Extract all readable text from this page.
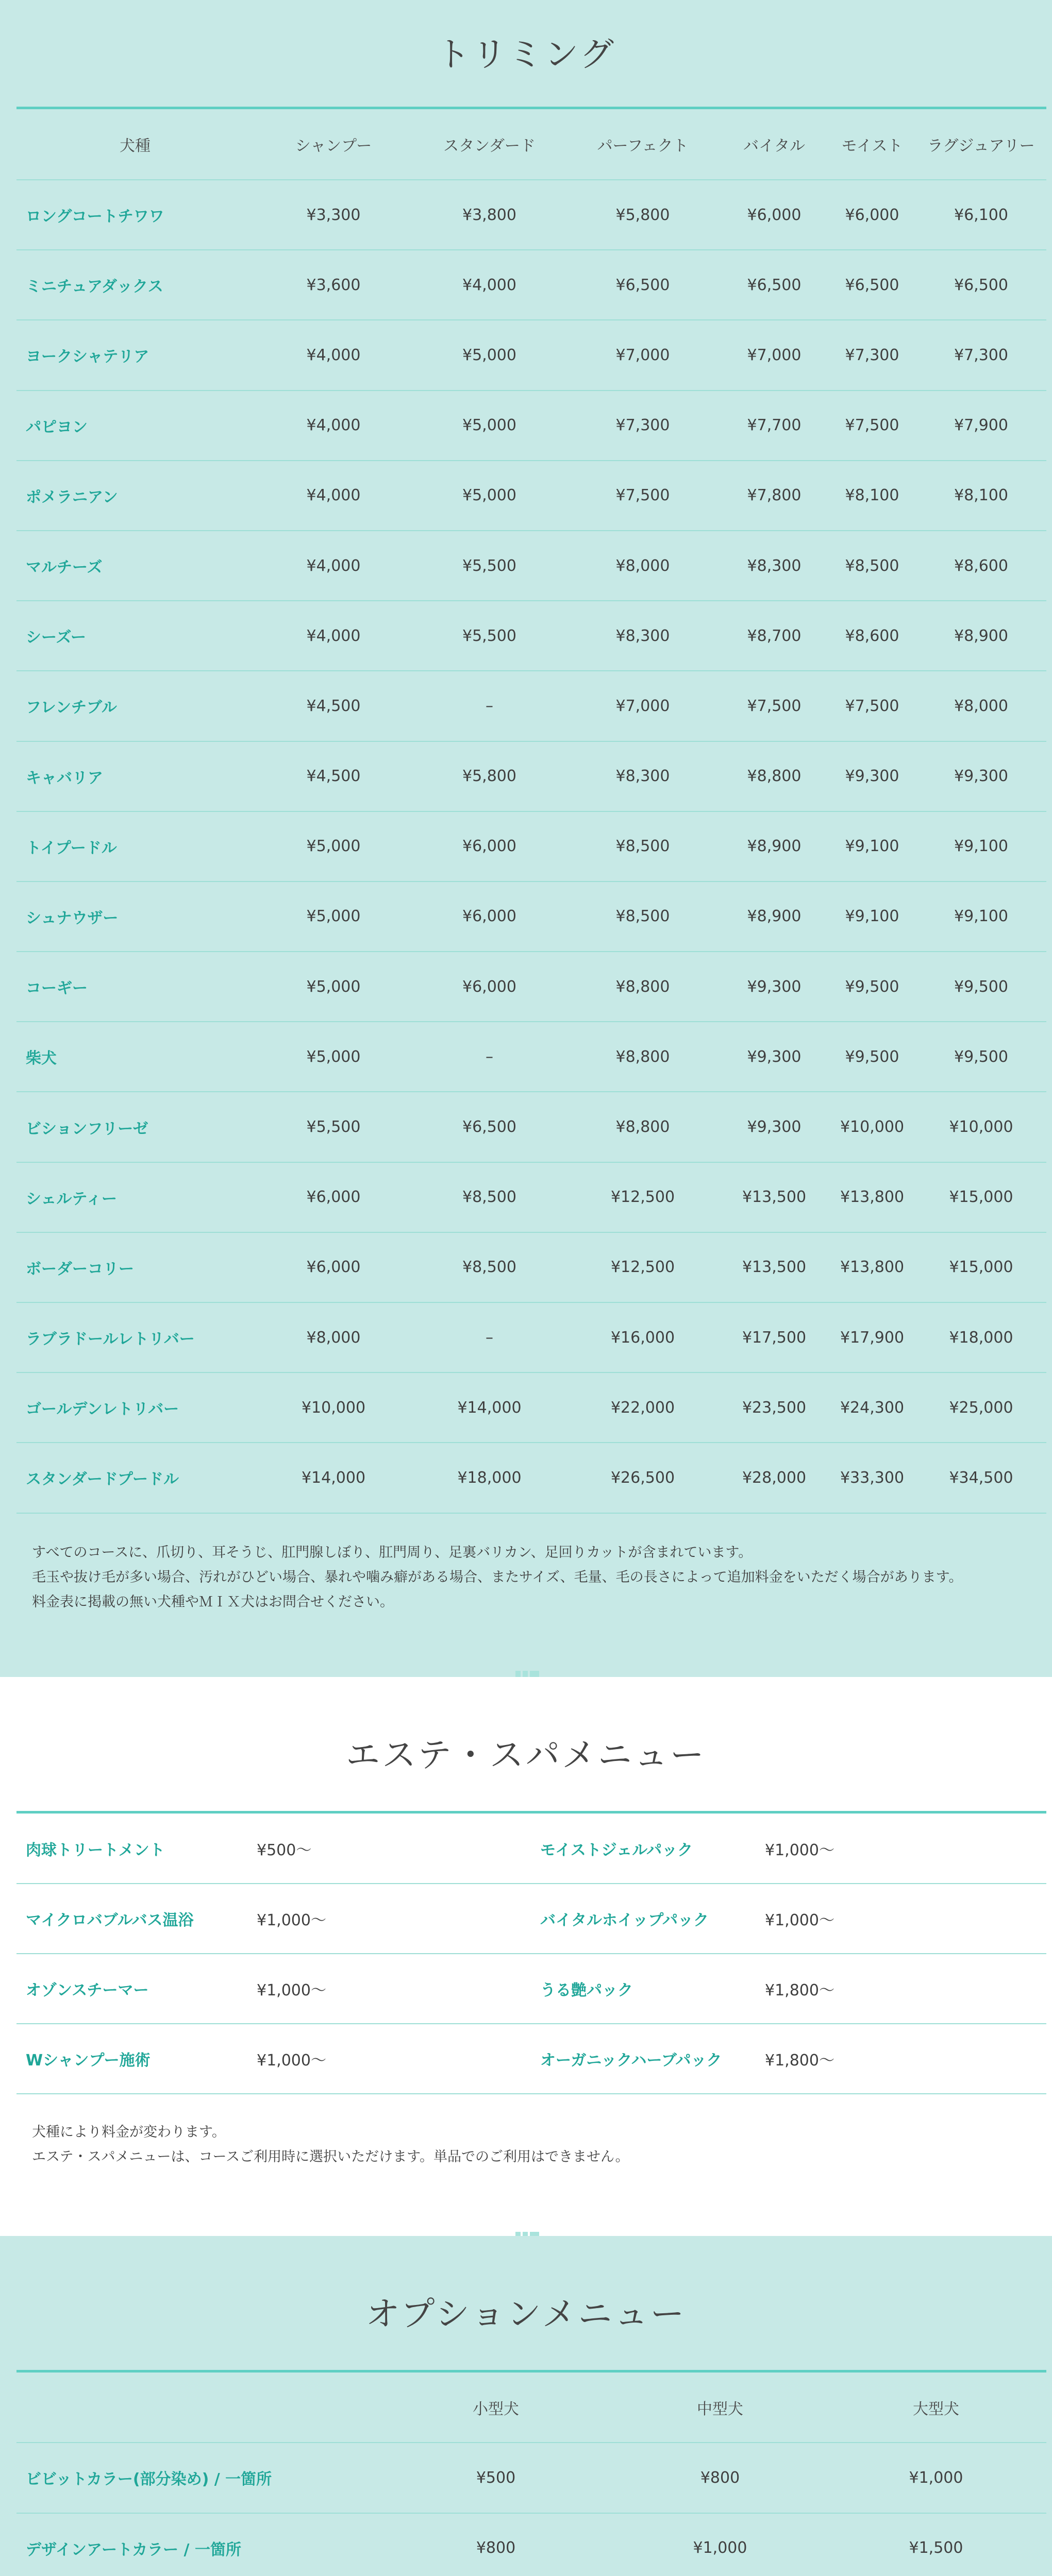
トリミング
犬種	シャンプー	スタンダード	パーフェクト	バイタル	モイスト	ラグジュアリー
ロングコートチワワ	¥3,300	¥3,800	¥5,800	¥6,000	¥6,000	¥6,100
ミニチュアダックス	¥3,600	¥4,000	¥6,500	¥6,500	¥6,500	¥6,500
ヨークシャテリア	¥4,000	¥5,000	¥7,000	¥7,000	¥7,300	¥7,300
パピヨン	¥4,000	¥5,000	¥7,300	¥7,700	¥7,500	¥7,900
ポメラニアン	¥4,000	¥5,000	¥7,500	¥7,800	¥8,100	¥8,100
マルチーズ	¥4,000	¥5,500	¥8,000	¥8,300	¥8,500	¥8,600
シーズー	¥4,000	¥5,500	¥8,300	¥8,700	¥8,600	¥8,900
フレンチブル	¥4,500	–	¥7,000	¥7,500	¥7,500	¥8,000
キャバリア	¥4,500	¥5,800	¥8,300	¥8,800	¥9,300	¥9,300
トイプードル	¥5,000	¥6,000	¥8,500	¥8,900	¥9,100	¥9,100
シュナウザー	¥5,000	¥6,000	¥8,500	¥8,900	¥9,100	¥9,100
コーギー	¥5,000	¥6,000	¥8,800	¥9,300	¥9,500	¥9,500
柴犬	¥5,000	–	¥8,800	¥9,300	¥9,500	¥9,500
ビションフリーゼ	¥5,500	¥6,500	¥8,800	¥9,300	¥10,000	¥10,000
シェルティー	¥6,000	¥8,500	¥12,500	¥13,500	¥13,800	¥15,000
ボーダーコリー	¥6,000	¥8,500	¥12,500	¥13,500	¥13,800	¥15,000
ラブラドールレトリバー	¥8,000	–	¥16,000	¥17,500	¥17,900	¥18,000
ゴールデンレトリバー	¥10,000	¥14,000	¥22,000	¥23,500	¥24,300	¥25,000
スタンダードプードル	¥14,000	¥18,000	¥26,500	¥28,000	¥33,300	¥34,500
すべてのコースに、爪切り、耳そうじ、肛門腺しぼり、肛門周り、足裏バリカン、足回りカットが含まれています。
毛玉や抜け毛が多い場合、汚れがひどい場合、暴れや噛み癖がある場合、またサイズ、毛量、毛の長さによって追加料金をいただく場合があります。
料金表に掲載の無い犬種やＭＩＸ犬はお問合せください。
エステ・スパメニュー
肉球トリートメント	¥500〜	モイストジェルパック	¥1,000〜
マイクロバブルバス温浴	¥1,000〜	バイタルホイップパック	¥1,000〜
オゾンスチーマー	¥1,000〜	うる艶パック	¥1,800〜
Wシャンプー施術	¥1,000〜	オーガニックハーブパック	¥1,800〜
犬種により料金が変わります。
エステ・スパメニューは、コースご利用時に選択いただけます。単品でのご利用はできません。
オプションメニュー
	小型犬	中型犬	大型犬
ビビットカラー(部分染め) / 一箇所	¥500	¥800	¥1,000
デザインアートカラー / 一箇所	¥800	¥1,000	¥1,500
